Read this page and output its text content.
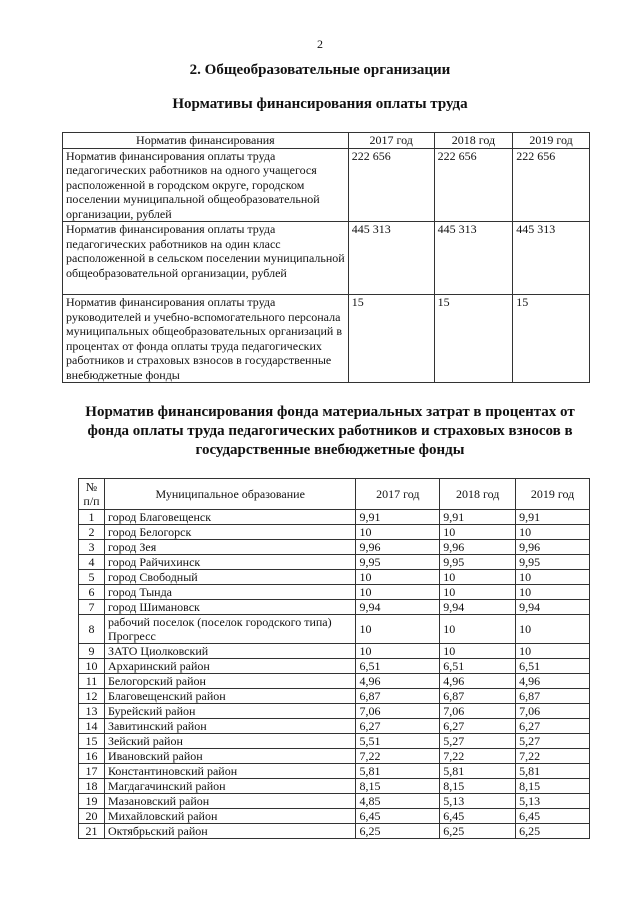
2
2. Общеобразовательные организации
Нормативы финансирования оплаты труда
Норматив финансирования	2017 год	2018 год	2019 год
Норматив финансирования оплаты труда педагогических работников на одного учащегося расположенной в городском округе, городском поселении муниципальной общеобразовательной организации, рублей	222 656	222 656	222 656
Норматив финансирования оплаты труда педагогических работников на один класс расположенной в сельском поселении муниципальной общеобразовательной организации, рублей	445 313	445 313	445 313
Норматив финансирования оплаты труда руководителей и учебно-вспомогательного персонала муниципальных общеобразовательных организаций в процентах от фонда оплаты труда педагогических работников и страховых взносов в государственные внебюджетные фонды	15	15	15
Норматив финансирования фонда материальных затрат в процентах от фонда оплаты труда педагогических работников и страховых взносов в государственные внебюджетные фонды
№ п/п	Муниципальное образование	2017 год	2018 год	2019 год
1	город Благовещенск	9,91	9,91	9,91
2	город Белогорск	10	10	10
3	город Зея	9,96	9,96	9,96
4	город Райчихинск	9,95	9,95	9,95
5	город Свободный	10	10	10
6	город Тында	10	10	10
7	город Шимановск	9,94	9,94	9,94
8	рабочий поселок (поселок городского типа) Прогресс	10	10	10
9	ЗАТО Циолковский	10	10	10
10	Архаринский район	6,51	6,51	6,51
11	Белогорский район	4,96	4,96	4,96
12	Благовещенский район	6,87	6,87	6,87
13	Бурейский район	7,06	7,06	7,06
14	Завитинский район	6,27	6,27	6,27
15	Зейский район	5,51	5,27	5,27
16	Ивановский район	7,22	7,22	7,22
17	Константиновский район	5,81	5,81	5,81
18	Магдагачинский район	8,15	8,15	8,15
19	Мазановский район	4,85	5,13	5,13
20	Михайловский район	6,45	6,45	6,45
21	Октябрьский район	6,25	6,25	6,25
